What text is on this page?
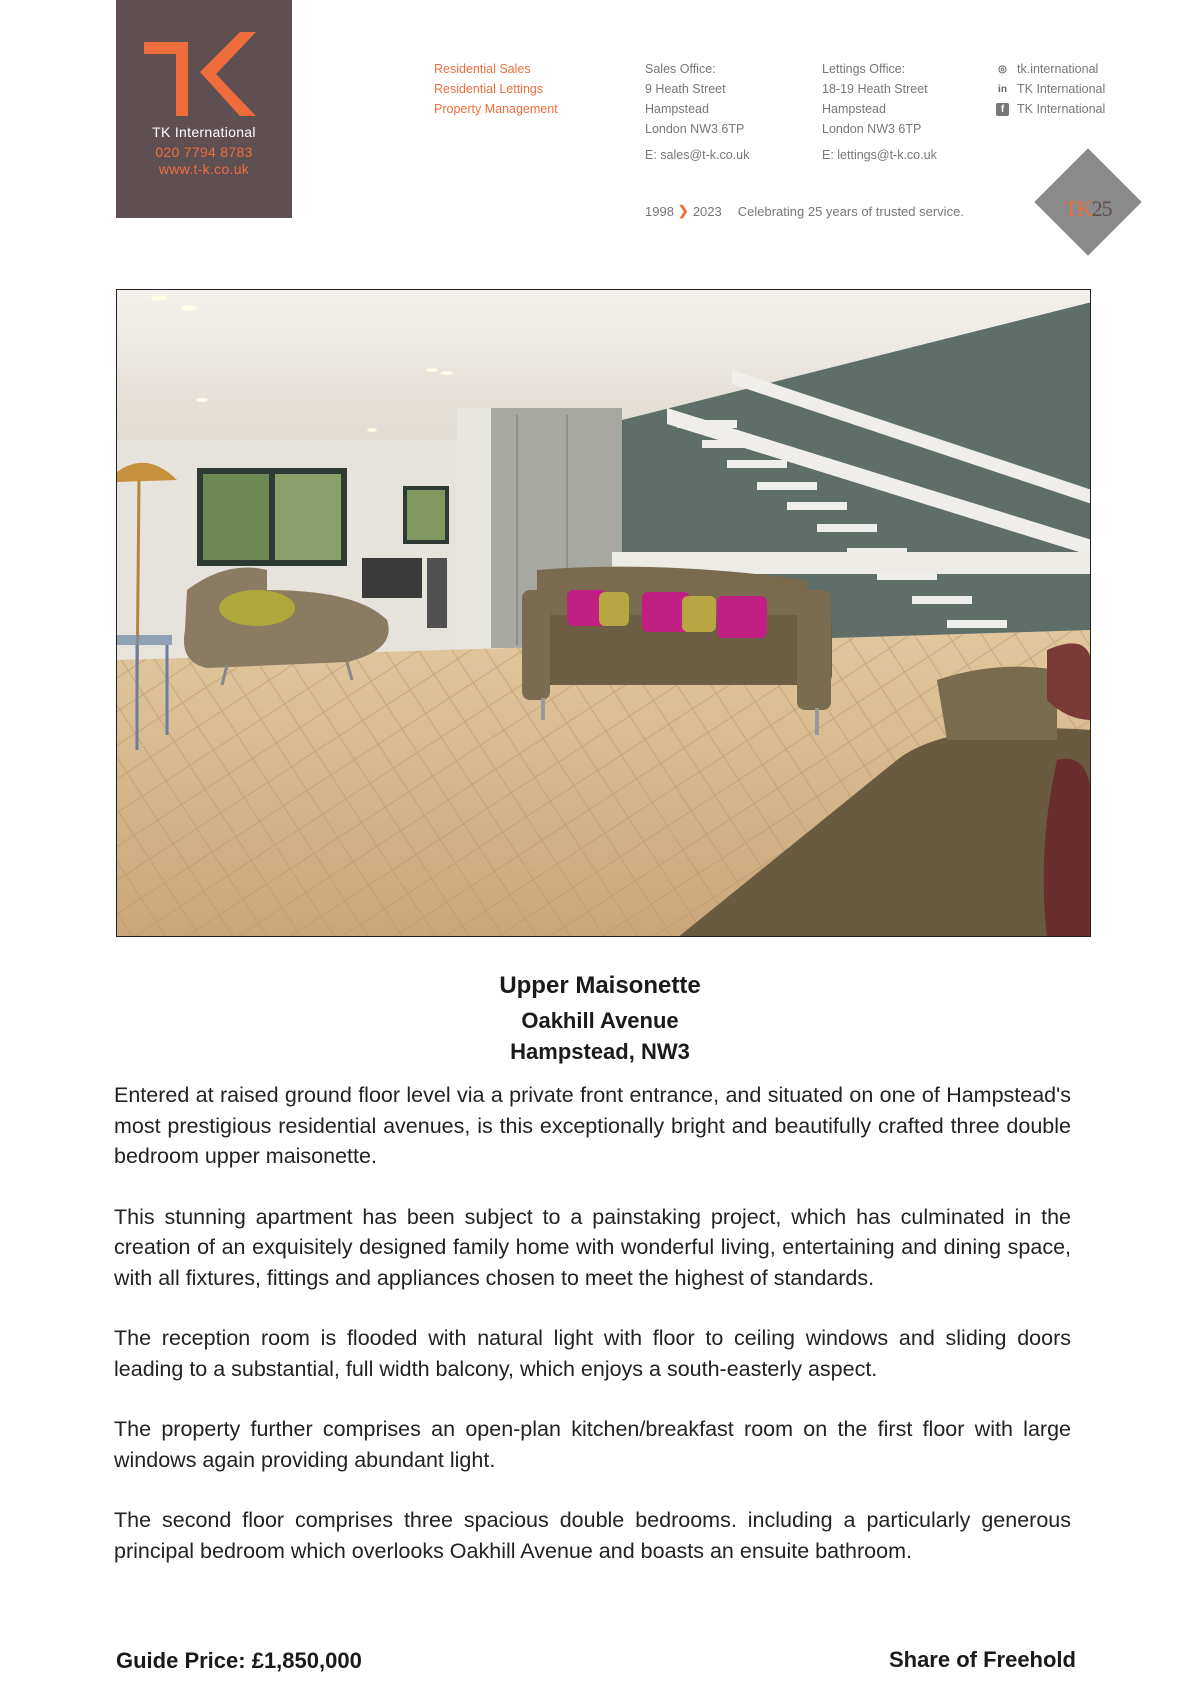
TK International
020 7794 8783
www.t-k.co.uk
Residential Sales
Residential Lettings
Property Management
Sales Office:
9 Heath Street
Hampstead
London NW3 6TP
E: sales@t-k.co.uk
Lettings Office:
18-19 Heath Street
Hampstead
London NW3 6TP
E: lettings@t-k.co.uk
◎ tk.international
in TK International
f	TK International
1998 ❯ 2023 Celebrating 25 years of trusted service.	TK25
Upper Maisonette
Oakhill Avenue
Hampstead, NW3

Entered at raised ground floor level via a private front entrance, and situated on one of Hampstead's most prestigious residential avenues, is this exceptionally bright and beautifully crafted three double bedroom upper maisonette.

This stunning apartment has been subject to a painstaking project, which has culminated in the creation of an exquisitely designed family home with wonderful living, entertaining and dining space, with all fixtures, fittings and appliances chosen to meet the highest of standards.

The reception room is flooded with natural light with floor to ceiling windows and sliding doors leading to a substantial, full width balcony, which enjoys a south-easterly aspect.

The property further comprises an open-plan kitchen/breakfast room on the first floor with large windows again providing abundant light.

The second floor comprises three spacious double bedrooms. including a particularly generous principal bedroom which overlooks Oakhill Avenue and boasts an ensuite bathroom.

Guide Price: £1,850,000	Share of Freehold
